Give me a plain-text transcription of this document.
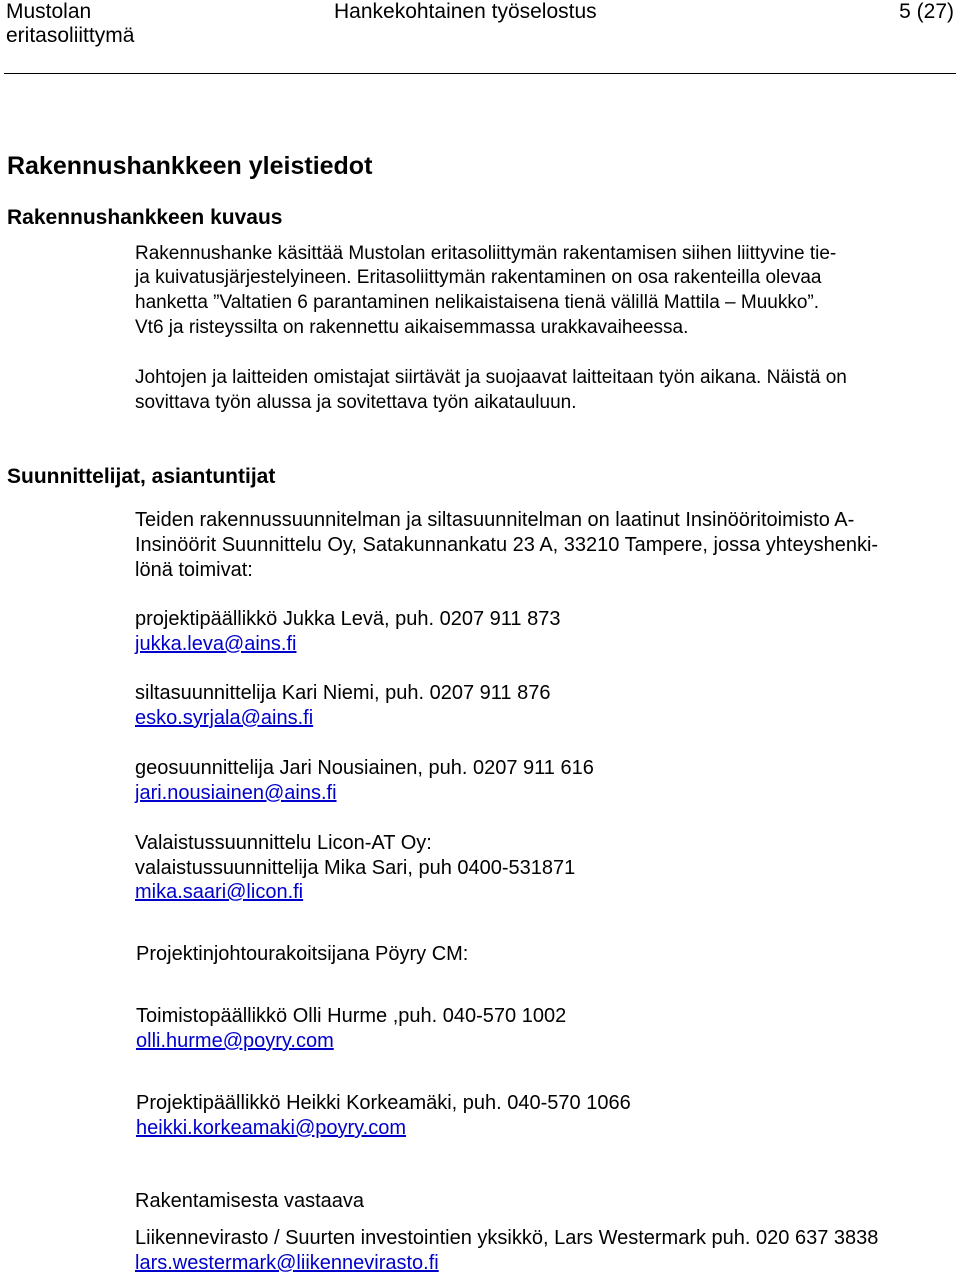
Mustolan
eritasoliittymä
Hankekohtainen työselostus	5 (27)
Rakennushankkeen yleistiedot
Rakennushankkeen kuvaus
Rakennushanke käsittää Mustolan eritasoliittymän rakentamisen siihen liittyvine tie-
ja kuivatusjärjestelyineen. Eritasoliittymän rakentaminen on osa rakenteilla olevaa
hanketta ”Valtatien 6 parantaminen nelikaistaisena tienä välillä Mattila – Muukko”.
Vt6 ja risteyssilta on rakennettu aikaisemmassa urakkavaiheessa.
Johtojen ja laitteiden omistajat siirtävät ja suojaavat laitteitaan työn aikana. Näistä on
sovittava työn alussa ja sovitettava työn aikatauluun.
Suunnittelijat, asiantuntijat
Teiden rakennussuunnitelman ja siltasuunnitelman on laatinut Insinööritoimisto A-
Insinöörit Suunnittelu Oy, Satakunnankatu 23 A, 33210 Tampere, jossa yhteyshenki-
lönä toimivat:
projektipäällikkö Jukka Levä, puh. 0207 911 873
jukka.leva@ains.fi
siltasuunnittelija Kari Niemi, puh. 0207 911 876
esko.syrjala@ains.fi
geosuunnittelija Jari Nousiainen, puh. 0207 911 616
jari.nousiainen@ains.fi
Valaistussuunnittelu Licon-AT Oy:
valaistussuunnittelija Mika Sari, puh 0400-531871
mika.saari@licon.fi
Projektinjohtourakoitsijana Pöyry CM:
Toimistopäällikkö Olli Hurme ,puh. 040-570 1002
olli.hurme@poyry.com
Projektipäällikkö Heikki Korkeamäki, puh. 040-570 1066
heikki.korkeamaki@poyry.com
Rakentamisesta vastaava
Liikennevirasto / Suurten investointien yksikkö, Lars Westermark puh. 020 637 3838
lars.westermark@liikennevirasto.fi
